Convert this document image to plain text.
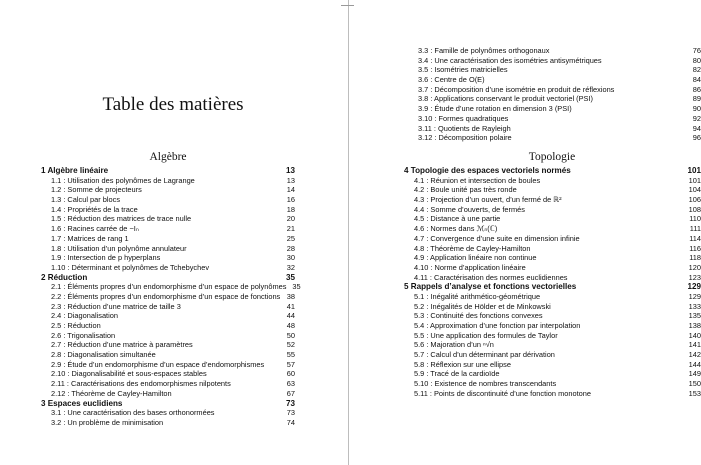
Table des matières
Algèbre
1 Algèbre linéaire	13
1.1 : Utilisation des polynômes de Lagrange	13
1.2 : Somme de projecteurs	14
1.3 : Calcul par blocs	16
1.4 : Propriétés de la trace	18
1.5 : Réduction des matrices de trace nulle	20
1.6 : Racines carrée de −Iₙ	21
1.7 : Matrices de rang 1	25
1.8 : Utilisation d’un polynôme annulateur	28
1.9 : Intersection de p hyperplans	30
1.10 : Déterminant et polynômes de Tchebychev	32
2 Réduction	35
2.1 : Éléments propres d’un endomorphisme d’un espace de polynômes 35
2.2 : Éléments propres d’un endomorphisme d’un espace de fonctions 38
2.3 : Réduction d’une matrice de taille 3	41
2.4 : Diagonalisation	44
2.5 : Réduction	48
2.6 : Trigonalisation	50
2.7 : Réduction d’une matrice à paramètres	52
2.8 : Diagonalisation simultanée	55
2.9 : Étude d’un endomorphisme d’un espace d’endomorphismes	57
2.10 : Diagonalisabilité et sous-espaces stables	60
2.11 : Caractérisations des endomorphismes nilpotents	63
2.12 : Théorème de Cayley-Hamilton	67
3 Espaces euclidiens	73
3.1 : Une caractérisation des bases orthonormées	73
3.2 : Un problème de minimisation	74
3.3 : Famille de polynômes orthogonaux	76
3.4 : Une caractérisation des isométries antisymétriques	80
3.5 : Isométries matricielles	82
3.6 : Centre de O(E)	84
3.7 : Décomposition d’une isométrie en produit de réflexions	86
3.8 : Applications conservant le produit vectoriel (PSI)	89
3.9 : Étude d’une rotation en dimension 3 (PSI)	90
3.10 : Formes quadratiques	92
3.11 : Quotients de Rayleigh	94
3.12 : Décomposition polaire	96
Topologie
4 Topologie des espaces vectoriels normés	101
4.1 : Réunion et intersection de boules	101
4.2 : Boule unité pas très ronde	104
4.3 : Projection d’un ouvert, d’un fermé de ℝ²	106
4.4 : Somme d’ouverts, de fermés	108
4.5 : Distance à une partie	110
4.6 : Normes dans ℳₙ(ℂ)	111
4.7 : Convergence d’une suite en dimension infinie	114
4.8 : Théorème de Cayley-Hamilton	116
4.9 : Application linéaire non continue	118
4.10 : Norme d’application linéaire	120
4.11 : Caractérisation des normes euclidiennes	123
5 Rappels d’analyse et fonctions vectorielles	129
5.1 : Inégalité arithmético-géométrique	129
5.2 : Inégalités de Hölder et de Minkowski	133
5.3 : Continuité des fonctions convexes	135
5.4 : Approximation d’une fonction par interpolation	138
5.5 : Une application des formules de Taylor	140
5.6 : Majoration d’un ⁿ√n	141
5.7 : Calcul d’un déterminant par dérivation	142
5.8 : Réflexion sur une ellipse	144
5.9 : Tracé de la cardioïde	149
5.10 : Existence de nombres transcendants	150
5.11 : Points de discontinuité d’une fonction monotone	153
